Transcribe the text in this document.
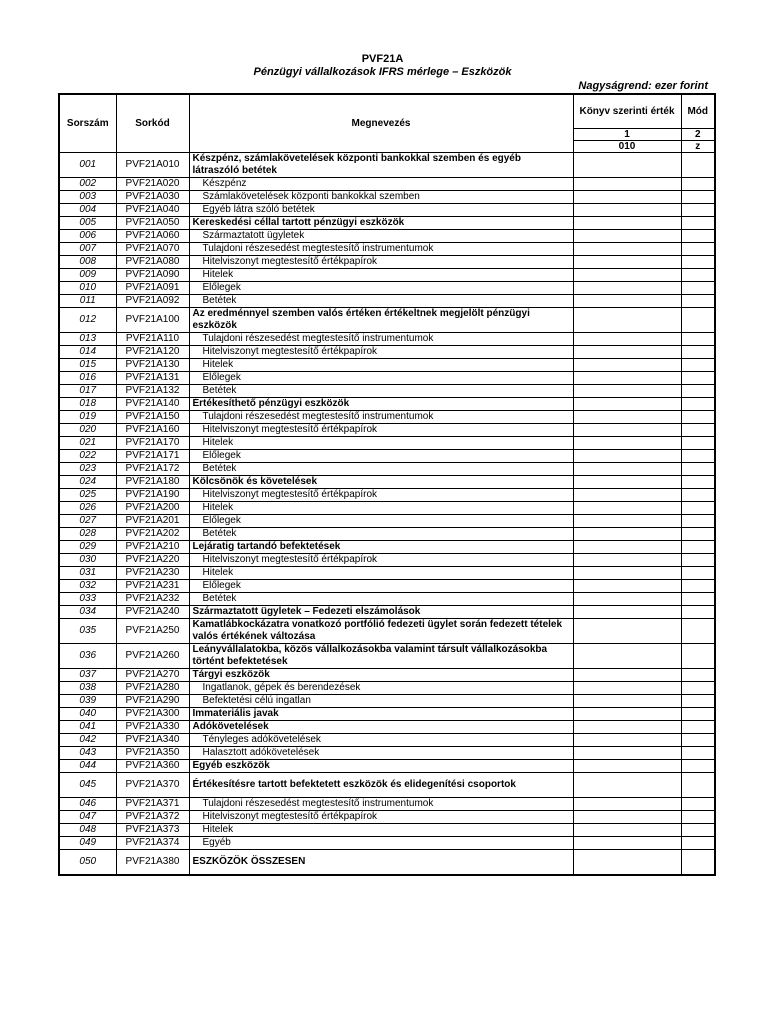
PVF21A
Pénzügyi vállalkozások IFRS mérlege – Eszközök
Nagyságrend: ezer forint
Sorszám	Sorkód	Megnevezés	Könyv szerinti érték	Mód
			1	2
			010	z
001	PVF21A010	Készpénz, számlakövetelések központi bankokkal szemben és egyéb látraszóló betétek		
002	PVF21A020	Készpénz		
003	PVF21A030	Számlakövetelések központi bankokkal szemben		
004	PVF21A040	Egyéb látra szóló betétek		
005	PVF21A050	Kereskedési céllal tartott pénzügyi eszközök		
006	PVF21A060	Származtatott ügyletek		
007	PVF21A070	Tulajdoni részesedést megtestesítő instrumentumok		
008	PVF21A080	Hitelviszonyt megtestesítő értékpapírok		
009	PVF21A090	Hitelek		
010	PVF21A091	Előlegek		
011	PVF21A092	Betétek		
012	PVF21A100	Az eredménnyel szemben valós értéken értékeltnek megjelölt pénzügyi eszközök		
013	PVF21A110	Tulajdoni részesedést megtestesítő instrumentumok		
014	PVF21A120	Hitelviszonyt megtestesítő értékpapírok		
015	PVF21A130	Hitelek		
016	PVF21A131	Előlegek		
017	PVF21A132	Betétek		
018	PVF21A140	Értékesíthető pénzügyi eszközök		
019	PVF21A150	Tulajdoni részesedést megtestesítő instrumentumok		
020	PVF21A160	Hitelviszonyt megtestesítő értékpapírok		
021	PVF21A170	Hitelek		
022	PVF21A171	Előlegek		
023	PVF21A172	Betétek		
024	PVF21A180	Kölcsönök és követelések		
025	PVF21A190	Hitelviszonyt megtestesítő értékpapírok		
026	PVF21A200	Hitelek		
027	PVF21A201	Előlegek		
028	PVF21A202	Betétek		
029	PVF21A210	Lejáratig tartandó befektetések		
030	PVF21A220	Hitelviszonyt megtestesítő értékpapírok		
031	PVF21A230	Hitelek		
032	PVF21A231	Előlegek		
033	PVF21A232	Betétek		
034	PVF21A240	Származtatott ügyletek – Fedezeti elszámolások		
035	PVF21A250	Kamatlábkockázatra vonatkozó portfólió fedezeti ügylet során fedezett tételek valós értékének változása		
036	PVF21A260	Leányvállalatokba, közös vállalkozásokba valamint társult vállalkozásokba történt befektetések		
037	PVF21A270	Tárgyi eszközök		
038	PVF21A280	Ingatlanok, gépek és berendezések		
039	PVF21A290	Befektetési célú ingatlan		
040	PVF21A300	Immateriális javak		
041	PVF21A330	Adókövetelések		
042	PVF21A340	Tényleges adókövetelések		
043	PVF21A350	Halasztott adókövetelések		
044	PVF21A360	Egyéb eszközök		
045	PVF21A370	Értékesítésre tartott befektetett eszközök és elidegenítési csoportok		
046	PVF21A371	Tulajdoni részesedést megtestesítő instrumentumok		
047	PVF21A372	Hitelviszonyt megtestesítő értékpapírok		
048	PVF21A373	Hitelek		
049	PVF21A374	Egyéb		
050	PVF21A380	ESZKÖZÖK ÖSSZESEN		
